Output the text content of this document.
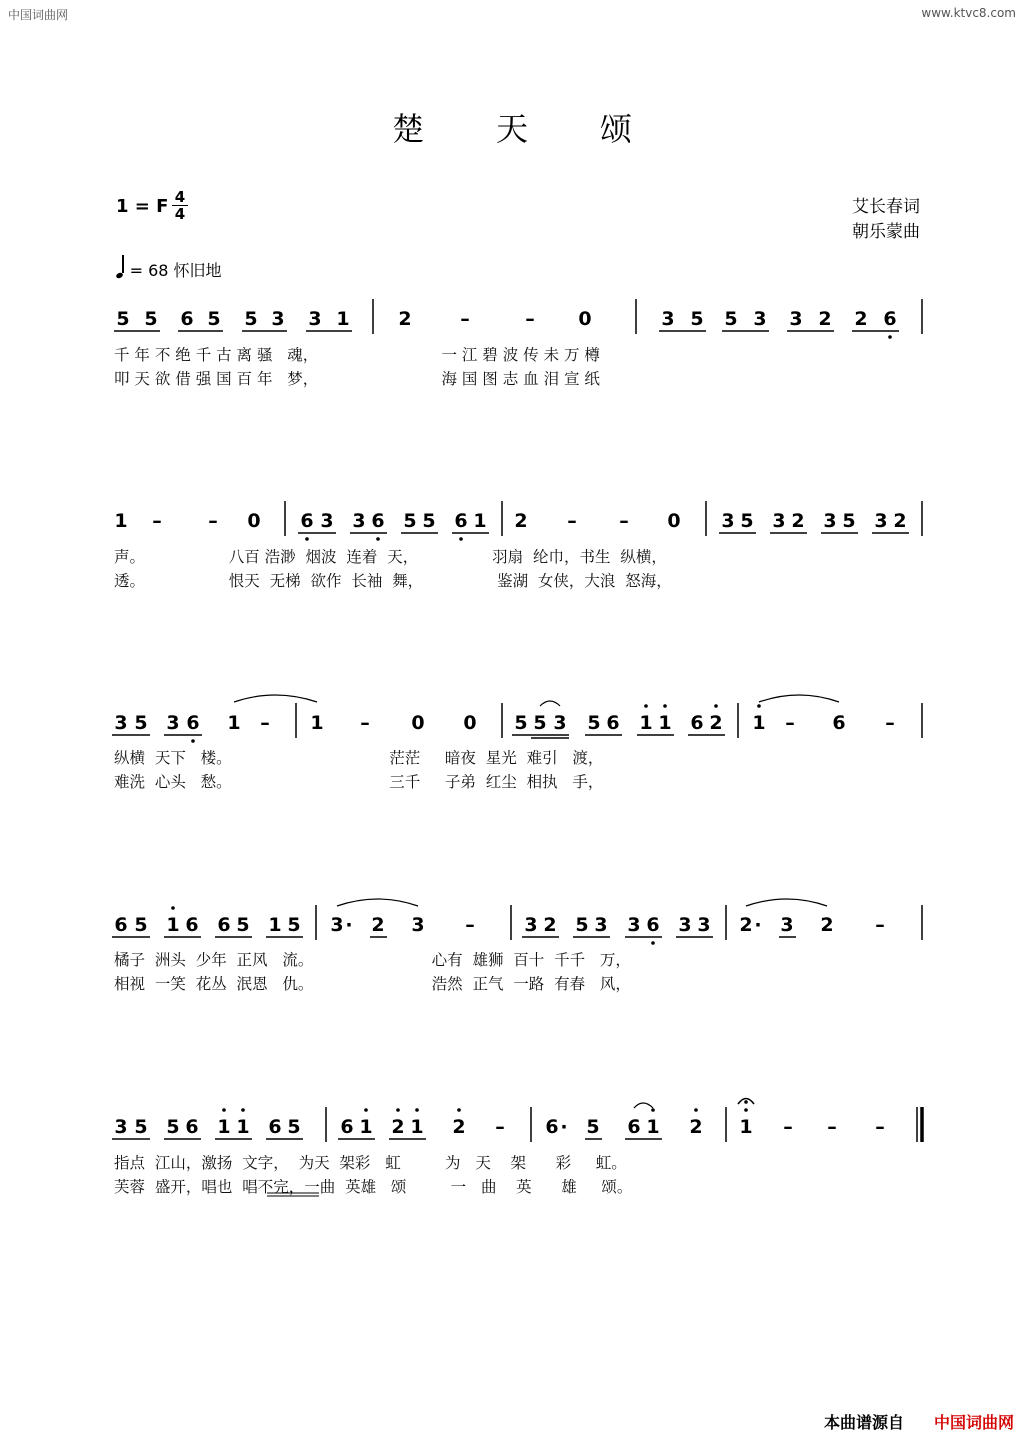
中国词曲网	www.ktvc8.com
楚天颂
1 = F 4
4	艾长春词
朝乐蒙曲
= 68 怀旧地
5 5 6 5 5 3 3 1	2	–	– 0	3 5 5 3 3 2 2 6
千 年 不 绝 千 古 离 骚   魂，                         一 江 碧 波 传 未 万 樽
叩 天 欲 借 强 国 百 年   梦，                         海 国 图 志 血 泪 宣 纸
1 – – 0 6 3 3 6 5 5 6 1 2 – – 0 3 5 3 2 3 5 3 2
声。                 八百 浩渺  烟波  连着  天，               羽扇  纶巾，书生  纵横，
透。                 恨天  无梯  欲作  长袖  舞，               鉴湖  女侠，大浪  怒海，
3 5 3 6 1 – 1 – 0 0 5 5 3 5 6 1 1 6 2 1 – 6 –
纵横  天下   楼。                                茫茫     暗夜  星光  难引   渡，
难洗  心头   愁。                                三千     子弟  红尘  相执   手，
6 5 1 6 6 5 1 5 3 · 2 3 –	3 2 5 3 3 6 3 3 2 · 3 2 –
橘子  洲头  少年  正风   流。                        心有  雄狮  百十  千千   万，
相视  一笑  花丛  泯恩   仇。                        浩然  正气  一路  有春   风，
3 5 5 6 1 1 6 5 6 1 2 1 2 – 6 · 5 6 1 2 1 – – –
指点  江山，激扬  文字，  为天  架彩   虹         为   天    架      彩     虹。
芙蓉  盛开，唱也  唱不完，一曲  英雄   颂         一   曲    英      雄     颂。
本曲谱源自 中国词曲网
